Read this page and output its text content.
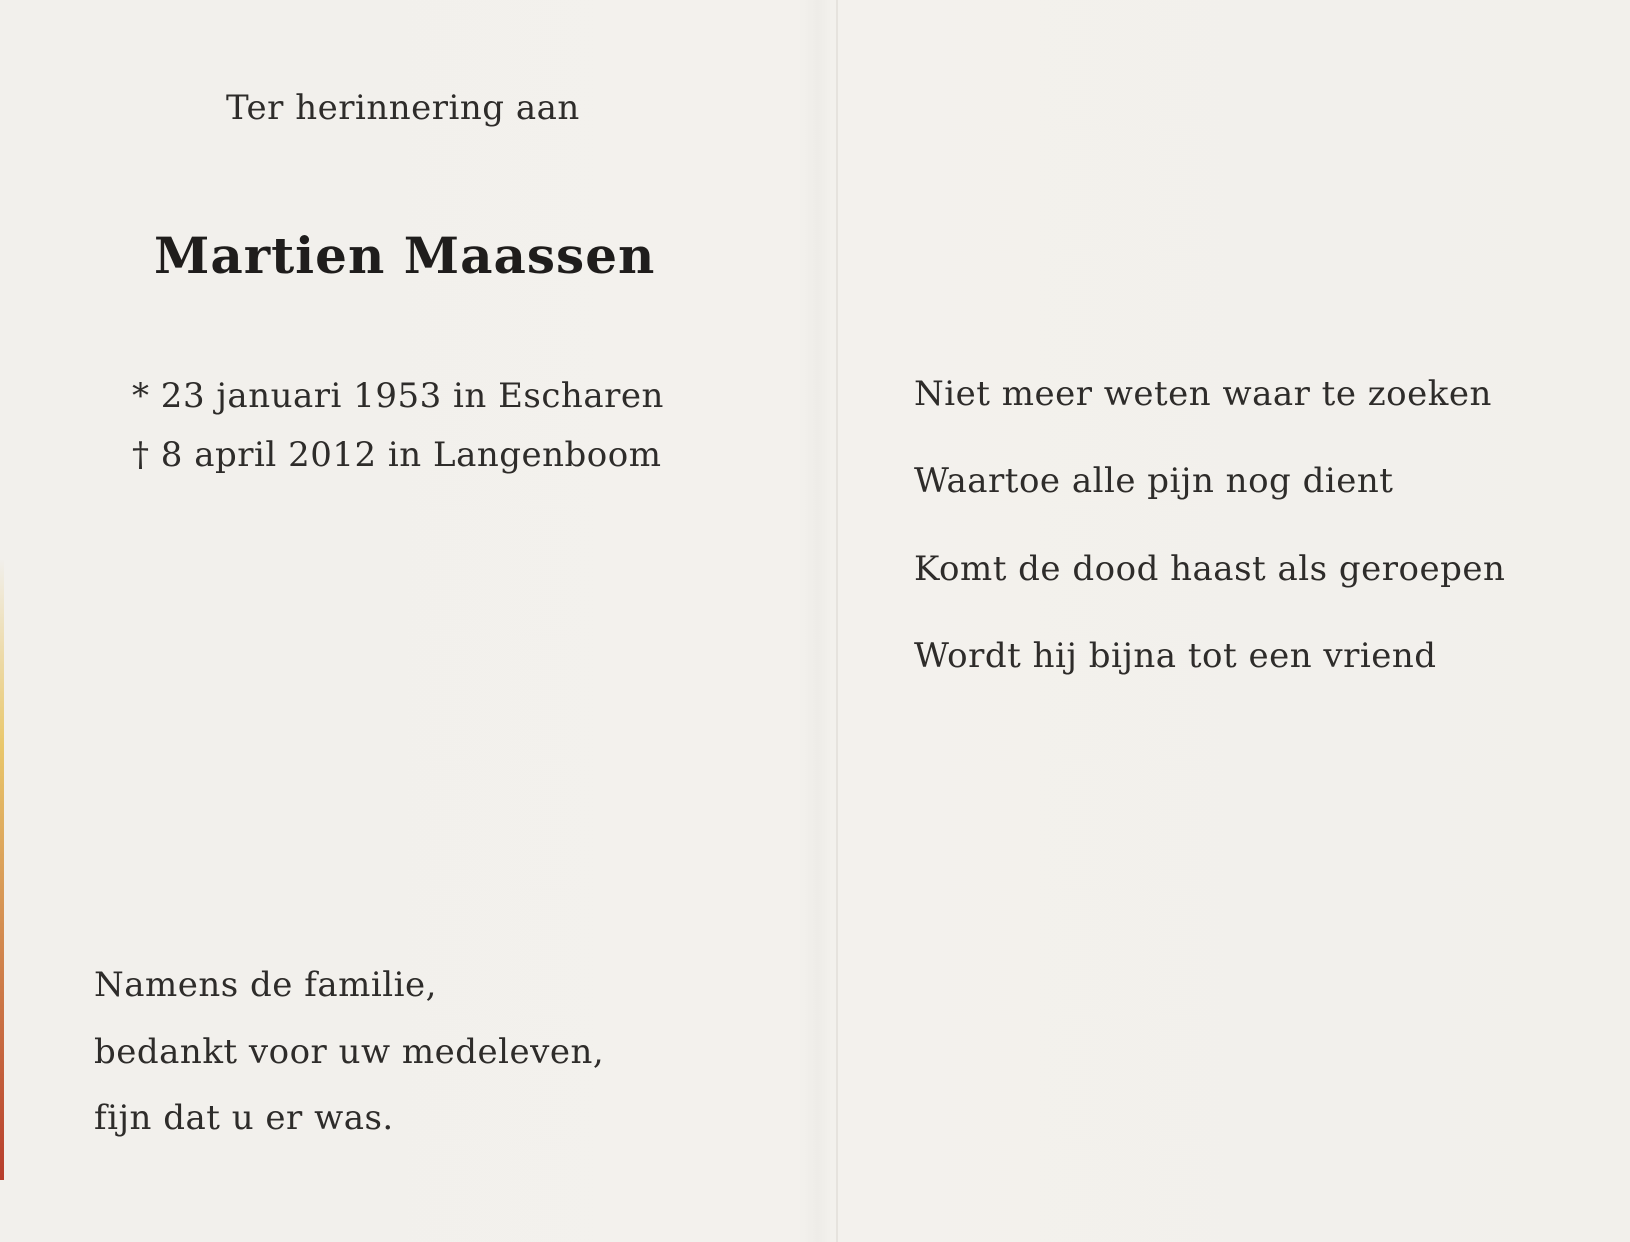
Ter herinnering aan
Martien Maassen
* 23 januari 1953 in Escharen
† 8 april 2012 in Langenboom
Namens de familie,
bedankt voor uw medeleven,
fijn dat u er was.
Niet meer weten waar te zoeken
Waartoe alle pijn nog dient
Komt de dood haast als geroepen
Wordt hij bijna tot een vriend
